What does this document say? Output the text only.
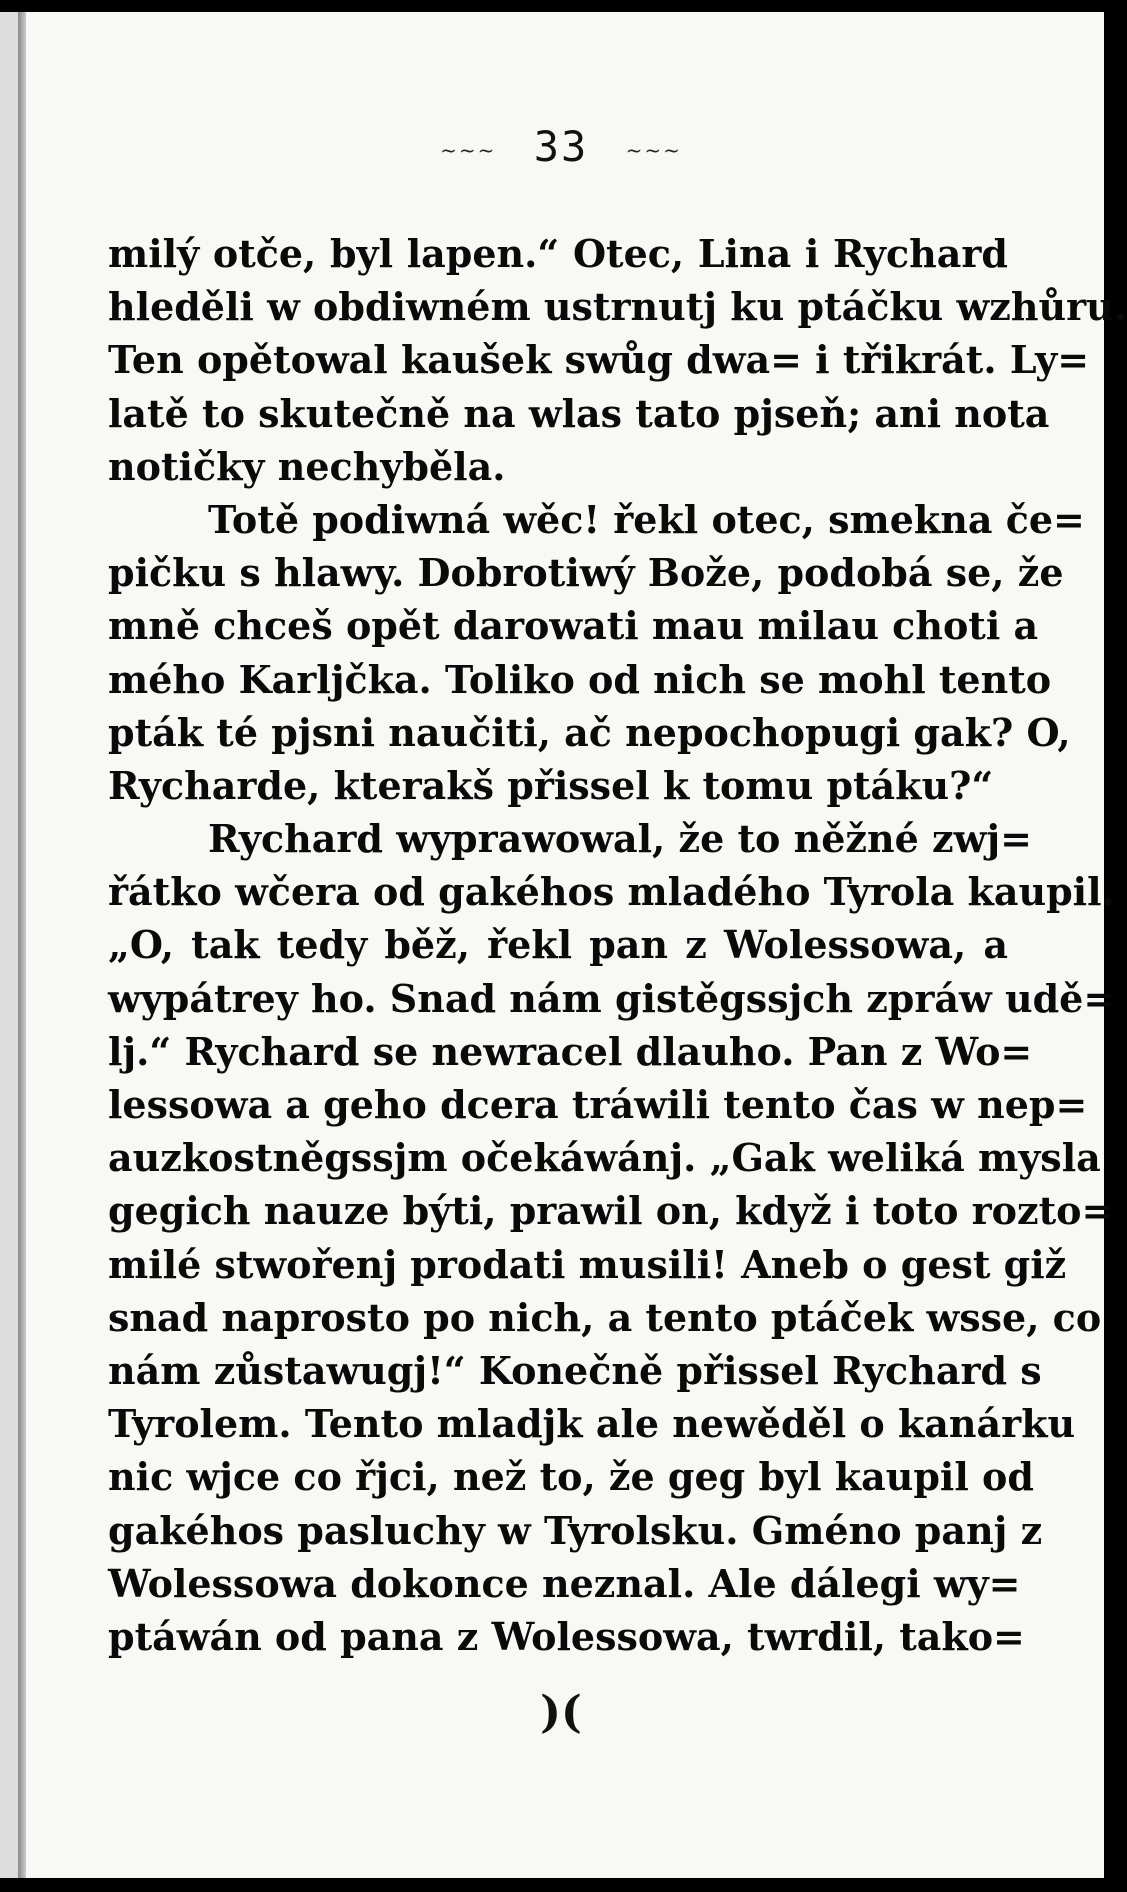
~~~ 33 ~~~
milý otče, byl lapen.“ Otec, Lina i Rychard
hleděli w obdiwném ustrnutj ku ptáčku wzhůru.
Ten opětowal kaušek swůg dwa= i třikrát. Ly=
latě to skutečně na wlas tato pjseň; ani nota
notičky nechyběla.
Totě podiwná wěc! řekl otec, smekna če=
pičku s hlawy. Dobrotiwý Bože, podobá se, že
mně chceš opět darowati mau milau choti a
mého Karljčka. Toliko od nich se mohl tento
pták té pjsni naučiti, ač nepochopugi gak? O,
Rycharde, kterakš přissel k tomu ptáku?“
Rychard wyprawowal, že to něžné zwj=
řátko wčera od gakéhos mladého Tyrola kaupil.
„O, tak tedy běž, řekl pan z Wolessowa, a
wypátrey ho. Snad nám gistěgssjch zpráw udě=
lj.“ Rychard se newracel dlauho. Pan z Wo=
lessowa a geho dcera tráwili tento čas w nep=
auzkostněgssjm očekáwánj. „Gak weliká mysla
gegich nauze býti, prawil on, když i toto rozto=
milé stwořenj prodati musili! Aneb o gest giž
snad naprosto po nich, a tento ptáček wsse, co
nám zůstawugj!“ Konečně přissel Rychard s
Tyrolem. Tento mladjk ale newěděl o kanárku
nic wjce co řjci, než to, že geg byl kaupil od
gakéhos pasluchy w Tyrolsku. Gméno panj z
Wolessowa dokonce neznal. Ale dálegi wy=
ptáwán od pana z Wolessowa, twrdil, tako=
)(
